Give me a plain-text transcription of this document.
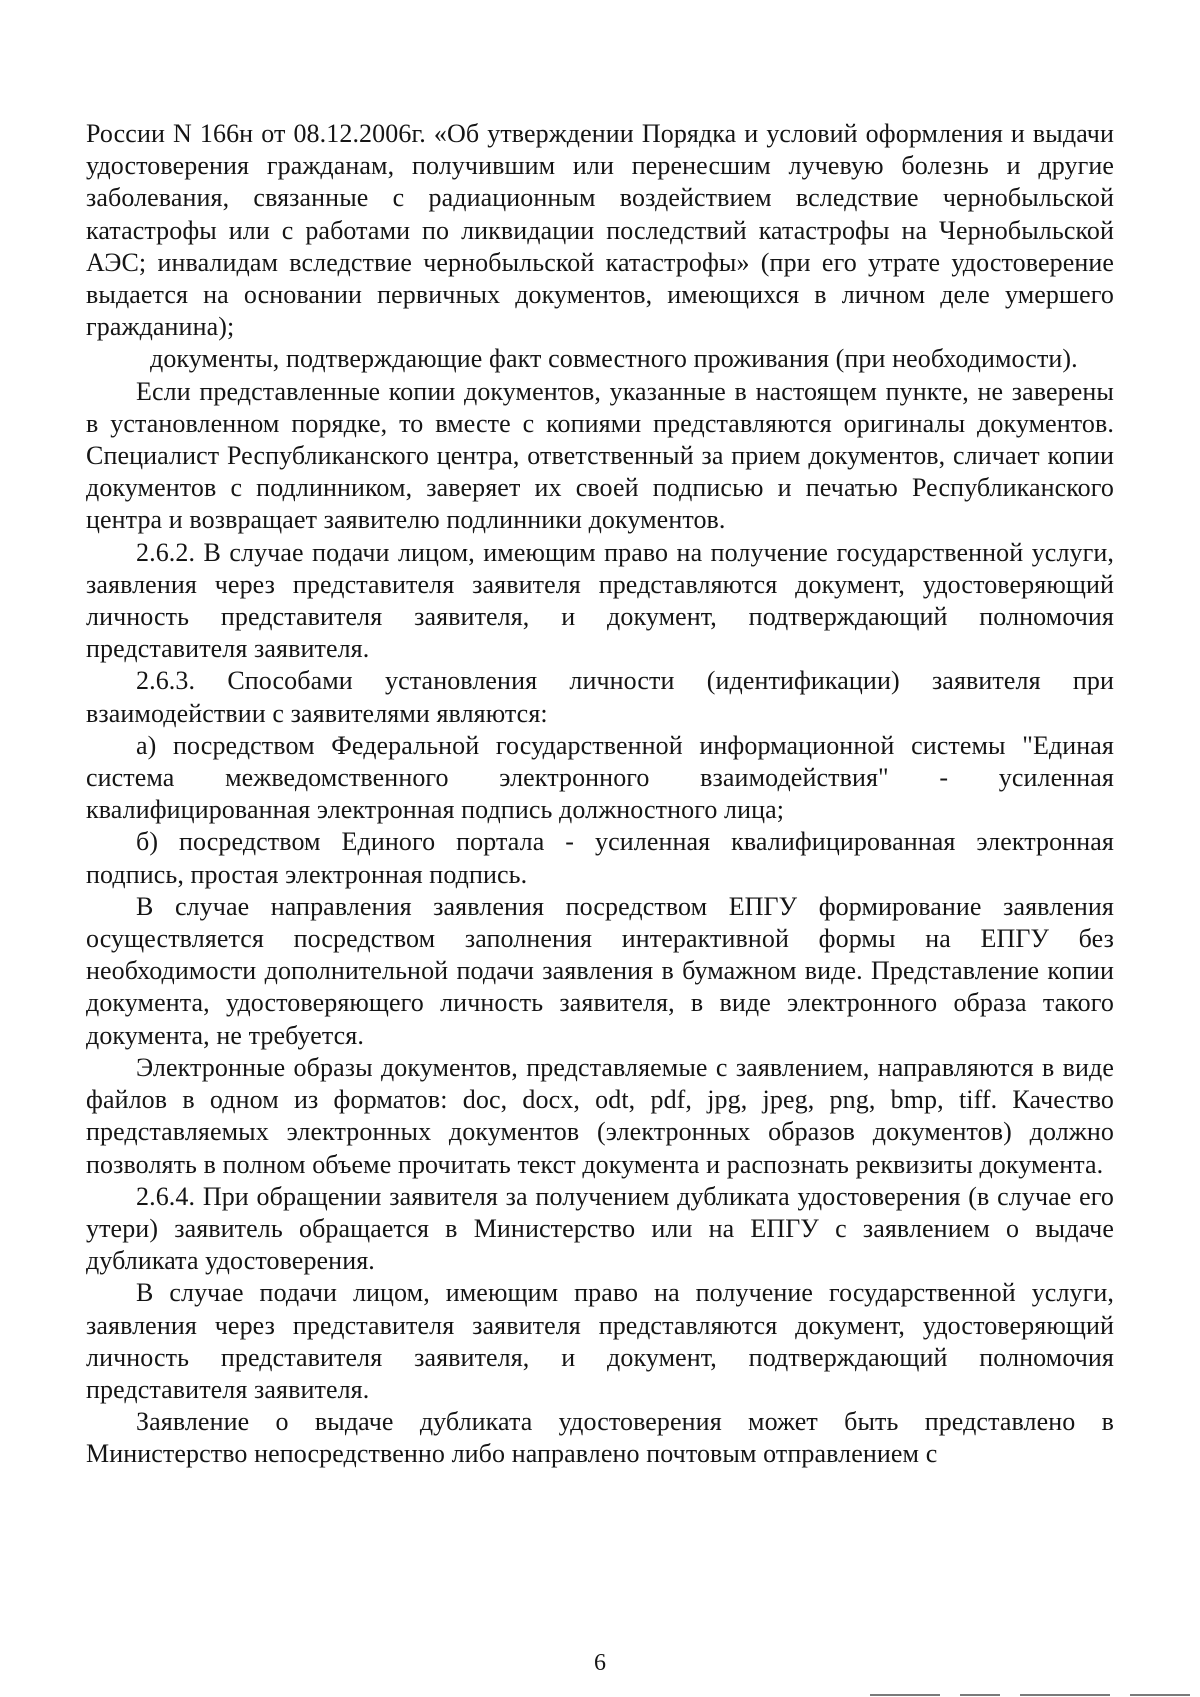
России N 166н от 08.12.2006г. «Об утверждении Порядка и условий оформления и выдачи удостоверения гражданам, получившим или перенесшим лучевую болезнь и другие заболевания, связанные с радиационным воздействием вследствие чернобыльской катастрофы или с работами по ликвидации последствий катастрофы на Чернобыльской АЭС; инвалидам вследствие чернобыльской катастрофы» (при его утрате удостоверение выдается на основании первичных документов, имеющихся в личном деле умершего гражданина);

документы, подтверждающие факт совместного проживания (при необходимости).

Если представленные копии документов, указанные в настоящем пункте, не заверены в установленном порядке, то вместе с копиями представляются оригиналы документов. Специалист Республиканского центра, ответственный за прием документов, сличает копии документов с подлинником, заверяет их своей подписью и печатью Республиканского центра и возвращает заявителю подлинники документов.

2.6.2. В случае подачи лицом, имеющим право на получение государственной услуги, заявления через представителя заявителя представляются документ, удостоверяющий личность представителя заявителя, и документ, подтверждающий полномочия представителя заявителя.

2.6.3. Способами установления личности (идентификации) заявителя при взаимодействии с заявителями являются:

а) посредством Федеральной государственной информационной системы "Единая система межведомственного электронного взаимодействия" - усиленная квалифицированная электронная подпись должностного лица;

б) посредством Единого портала - усиленная квалифицированная электронная подпись, простая электронная подпись.

В случае направления заявления посредством ЕПГУ формирование заявления осуществляется посредством заполнения интерактивной формы на ЕПГУ без необходимости дополнительной подачи заявления в бумажном виде. Представление копии документа, удостоверяющего личность заявителя, в виде электронного образа такого документа, не требуется.

Электронные образы документов, представляемые с заявлением, направляются в виде файлов в одном из форматов: doc, docx, odt, pdf, jpg, jpeg, png, bmp, tiff. Качество представляемых электронных документов (электронных образов документов) должно позволять в полном объеме прочитать текст документа и распознать реквизиты документа.

2.6.4. При обращении заявителя за получением дубликата удостоверения (в случае его утери) заявитель обращается в Министерство или на ЕПГУ с заявлением о выдаче дубликата удостоверения.

В случае подачи лицом, имеющим право на получение государственной услуги, заявления через представителя заявителя представляются документ, удостоверяющий личность представителя заявителя, и документ, подтверждающий полномочия представителя заявителя.

Заявление о выдаче дубликата удостоверения может быть представлено в Министерство непосредственно либо направлено почтовым отправлением с

6
